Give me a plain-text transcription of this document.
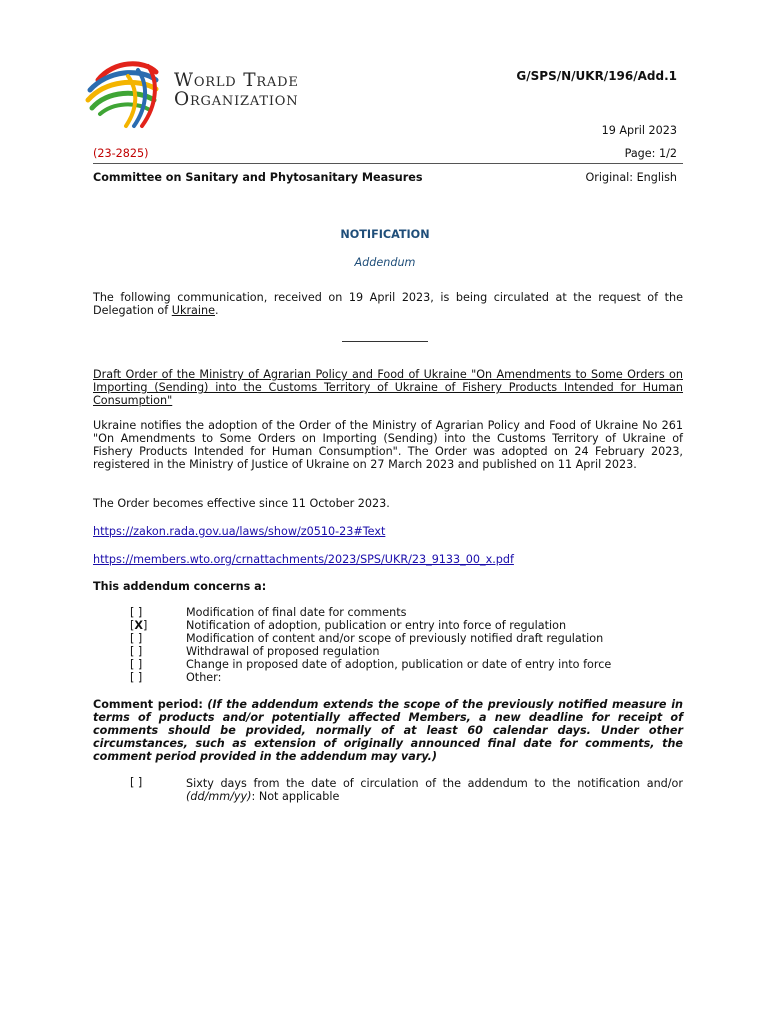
World Trade
Organization
G/SPS/N/UKR/196/Add.1
19 April 2023
(23-2825)	Page: 1/2
Committee on Sanitary and Phytosanitary Measures	Original: English
NOTIFICATION
Addendum

The following communication, received on 19 April 2023, is being circulated at the request of the Delegation of Ukraine.

Draft Order of the Ministry of Agrarian Policy and Food of Ukraine "On Amendments to Some Orders on Importing (Sending) into the Customs Territory of Ukraine of Fishery Products Intended for Human Consumption"

Ukraine notifies the adoption of the Order of the Ministry of Agrarian Policy and Food of Ukraine No 261 "On Amendments to Some Orders on Importing (Sending) into the Customs Territory of Ukraine of Fishery Products Intended for Human Consumption". The Order was adopted on 24 February 2023, registered in the Ministry of Justice of Ukraine on 27 March 2023 and published on 11 April 2023.

The Order becomes effective since 11 October 2023.

https://zakon.rada.gov.ua/laws/show/z0510-23#Text
https://members.wto.org/crnattachments/2023/SPS/UKR/23_9133_00_x.pdf

This addendum concerns a:

[ ]	Modification of final date for comments
[X]	Notification of adoption, publication or entry into force of regulation
[ ]	Modification of content and/or scope of previously notified draft regulation
[ ]	Withdrawal of proposed regulation
[ ]	Change in proposed date of adoption, publication or date of entry into force
[ ]	Other:

Comment period: (If the addendum extends the scope of the previously notified measure in terms of products and/or potentially affected Members, a new deadline for receipt of comments should be provided, normally of at least 60 calendar days. Under other circumstances, such as extension of originally announced final date for comments, the comment period provided in the addendum may vary.)

[ ]	Sixty days from the date of circulation of the addendum to the notification and/or
(dd/mm/yy): Not applicable
